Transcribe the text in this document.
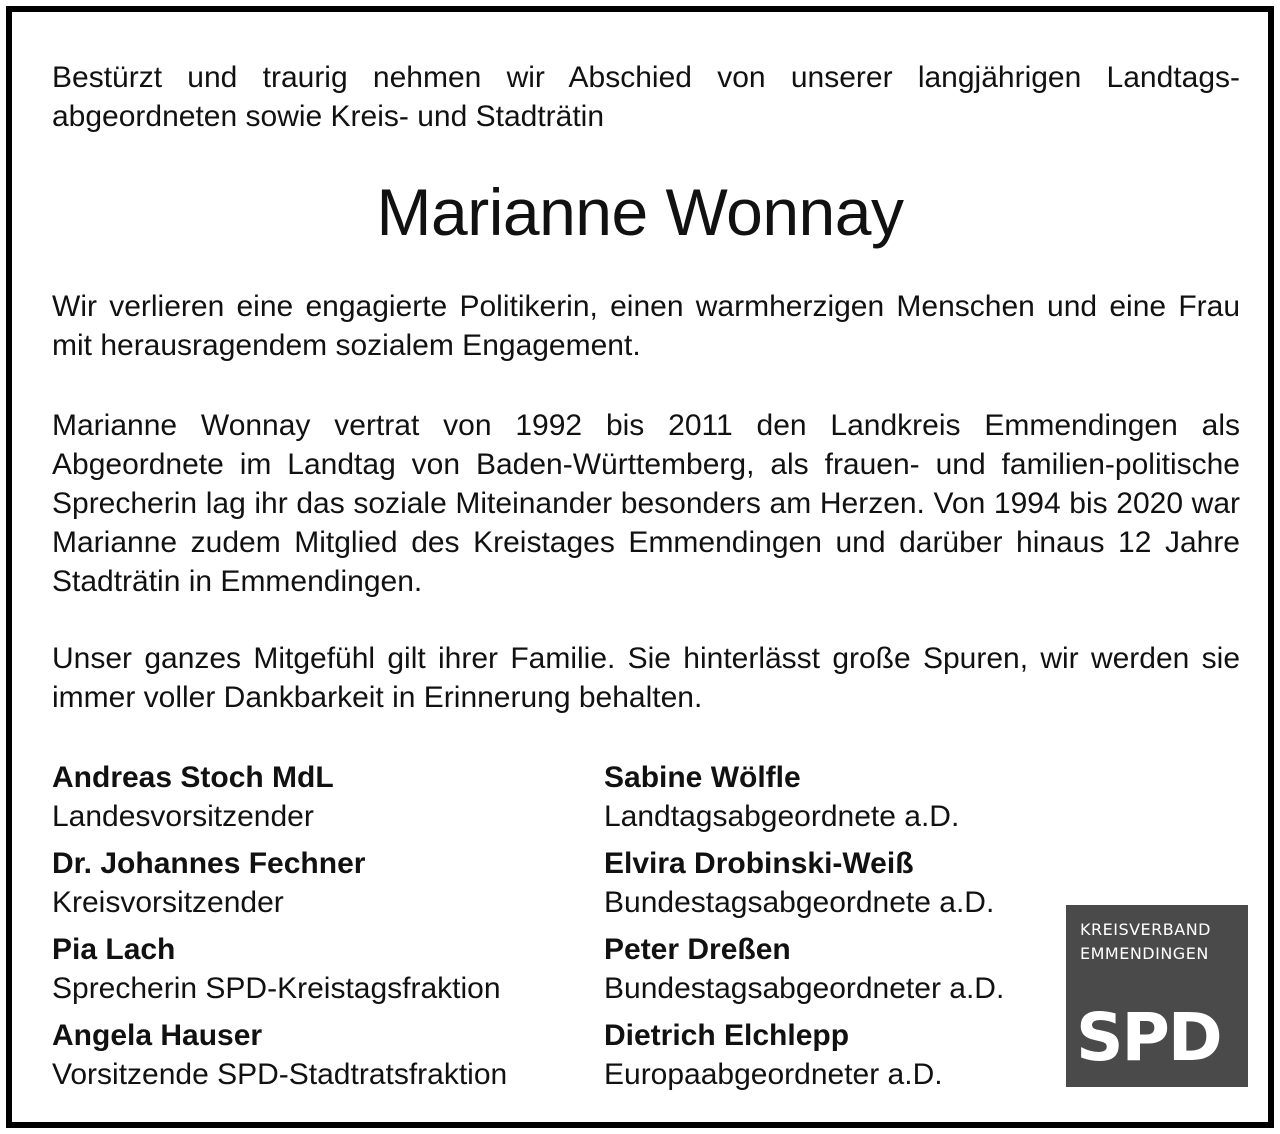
Bestürzt und traurig nehmen wir Abschied von unserer langjährigen Landtags-abgeordneten sowie Kreis- und Stadträtin

Marianne Wonnay

Wir verlieren eine engagierte Politikerin, einen warmherzigen Menschen und eine Frau mit herausragendem sozialem Engagement.

Marianne Wonnay vertrat von 1992 bis 2011 den Landkreis Emmendingen als Abgeordnete im Landtag von Baden-Württemberg, als frauen- und familien-politische Sprecherin lag ihr das soziale Miteinander besonders am Herzen. Von 1994 bis 2020 war Marianne zudem Mitglied des Kreistages Emmendingen und darüber hinaus 12 Jahre Stadträtin in Emmendingen.

Unser ganzes Mitgefühl gilt ihrer Familie. Sie hinterlässt große Spuren, wir werden sie immer voller Dankbarkeit in Erinnerung behalten.

Andreas Stoch MdL
Landesvorsitzender
Dr. Johannes Fechner
Kreisvorsitzender
Pia Lach
Sprecherin SPD-Kreistagsfraktion
Angela Hauser
Vorsitzende SPD-Stadtratsfraktion
Sabine Wölfle
Landtagsabgeordnete a.D.
Elvira Drobinski-Weiß
Bundestagsabgeordnete a.D.
Peter Dreßen
Bundestagsabgeordneter a.D.
Dietrich Elchlepp
Europaabgeordneter a.D.
KREISVERBAND
EMMENDINGEN
SPD
